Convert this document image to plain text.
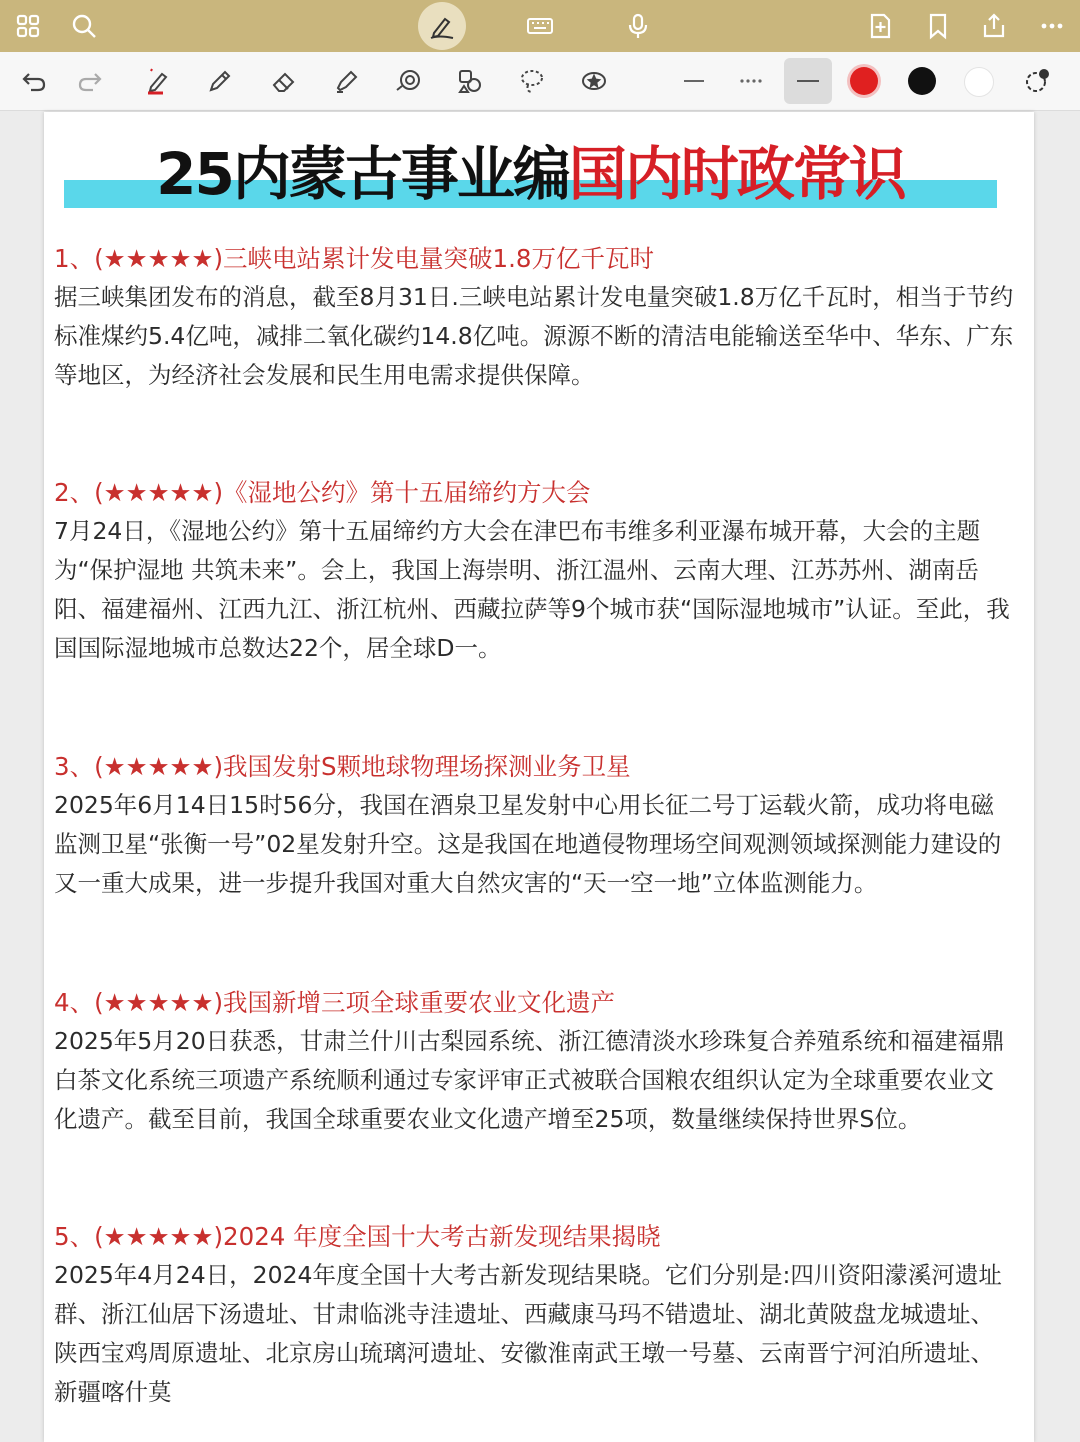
25内蒙古事业编国内时政常识
1、(★★★★★)三峡电站累计发电量突破1.8万亿千瓦时

据三峡集团发布的消息，截至8月31日.三峡电站累计发电量突破1.8万亿千瓦时，相当于节约标准煤约5.4亿吨，减排二氧化碳约14.8亿吨。源源不断的清洁电能输送至华中、华东、广东等地区，为经济社会发展和民生用电需求提供保障。

2、(★★★★★)《湿地公约》第十五届缔约方大会

7月24日，《湿地公约》第十五届缔约方大会在津巴布韦维多利亚瀑布城开幕，大会的主题为“保护湿地 共筑未来”。会上，我国上海崇明、浙江温州、云南大理、江苏苏州、湖南岳阳、福建福州、江西九江、浙江杭州、西藏拉萨等9个城市获“国际湿地城市”认证。至此，我国国际湿地城市总数达22个，居全球D一。

3、(★★★★★)我国发射S颗地球物理场探测业务卫星

2025年6月14日15时56分，我国在酒泉卫星发射中心用长征二号丁运载火箭，成功将电磁监测卫星“张衡一号”02星发射升空。这是我国在地遒侵物理场空间观测领域探测能力建设的又一重大成果，进一步提升我国对重大自然灾害的“天一空一地”立体监测能力。

4、(★★★★★)我国新增三项全球重要农业文化遗产

2025年5月20日获悉，甘肃兰什川古梨园系统、浙江德清淡水珍珠复合养殖系统和福建福鼎白茶文化系统三项遗产系统顺利通过专家评审正式被联合国粮农组织认定为全球重要农业文化遗产。截至目前，我国全球重要农业文化遗产增至25项，数量继续保持世界S位。

5、(★★★★★)2024 年度全国十大考古新发现结果揭晓

2025年4月24日，2024年度全国十大考古新发现结果晓。它们分别是:四川资阳濛溪河遗址群、浙江仙居下汤遗址、甘肃临洮寺洼遗址、西藏康马玛不错遗址、湖北黄陂盘龙城遗址、陕西宝鸡周原遗址、北京房山琉璃河遗址、安徽淮南武王墩一号墓、云南晋宁河泊所遗址、新疆喀什莫
